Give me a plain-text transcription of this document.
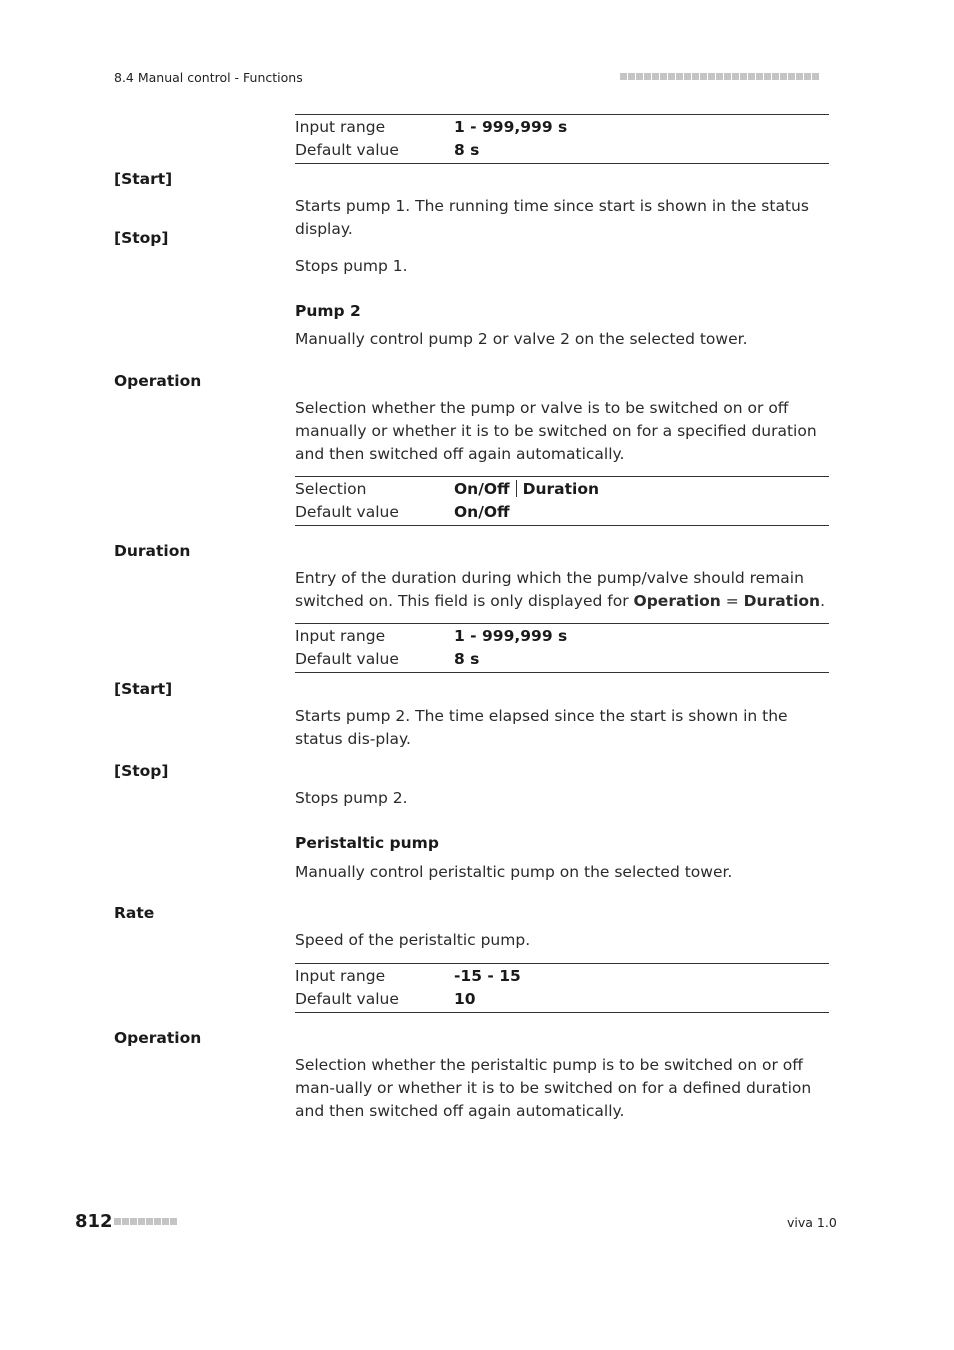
8.4 Manual control - Functions
Input range	1 - 999,999 s
Default value	8 s
[Start]
Starts pump 1. The running time since start is shown in the status display.
[Stop]
Stops pump 1.
Pump 2
Manually control pump 2 or valve 2 on the selected tower.
Operation
Selection whether the pump or valve is to be switched on or off manually or whether it is to be switched on for a specified duration and then switched off again automatically.
Selection	On/Off Duration
Default value	On/Off
Duration
Entry of the duration during which the pump/valve should remain switched on. This field is only displayed for Operation = Duration.
Input range	1 - 999,999 s
Default value	8 s
[Start]
Starts pump 2. The time elapsed since the start is shown in the status dis-play.
[Stop]
Stops pump 2.
Peristaltic pump
Manually control peristaltic pump on the selected tower.
Rate
Speed of the peristaltic pump.
Input range	-15 - 15
Default value	10
Operation
Selection whether the peristaltic pump is to be switched on or off man-ually or whether it is to be switched on for a defined duration and then switched off again automatically.
812	viva 1.0
